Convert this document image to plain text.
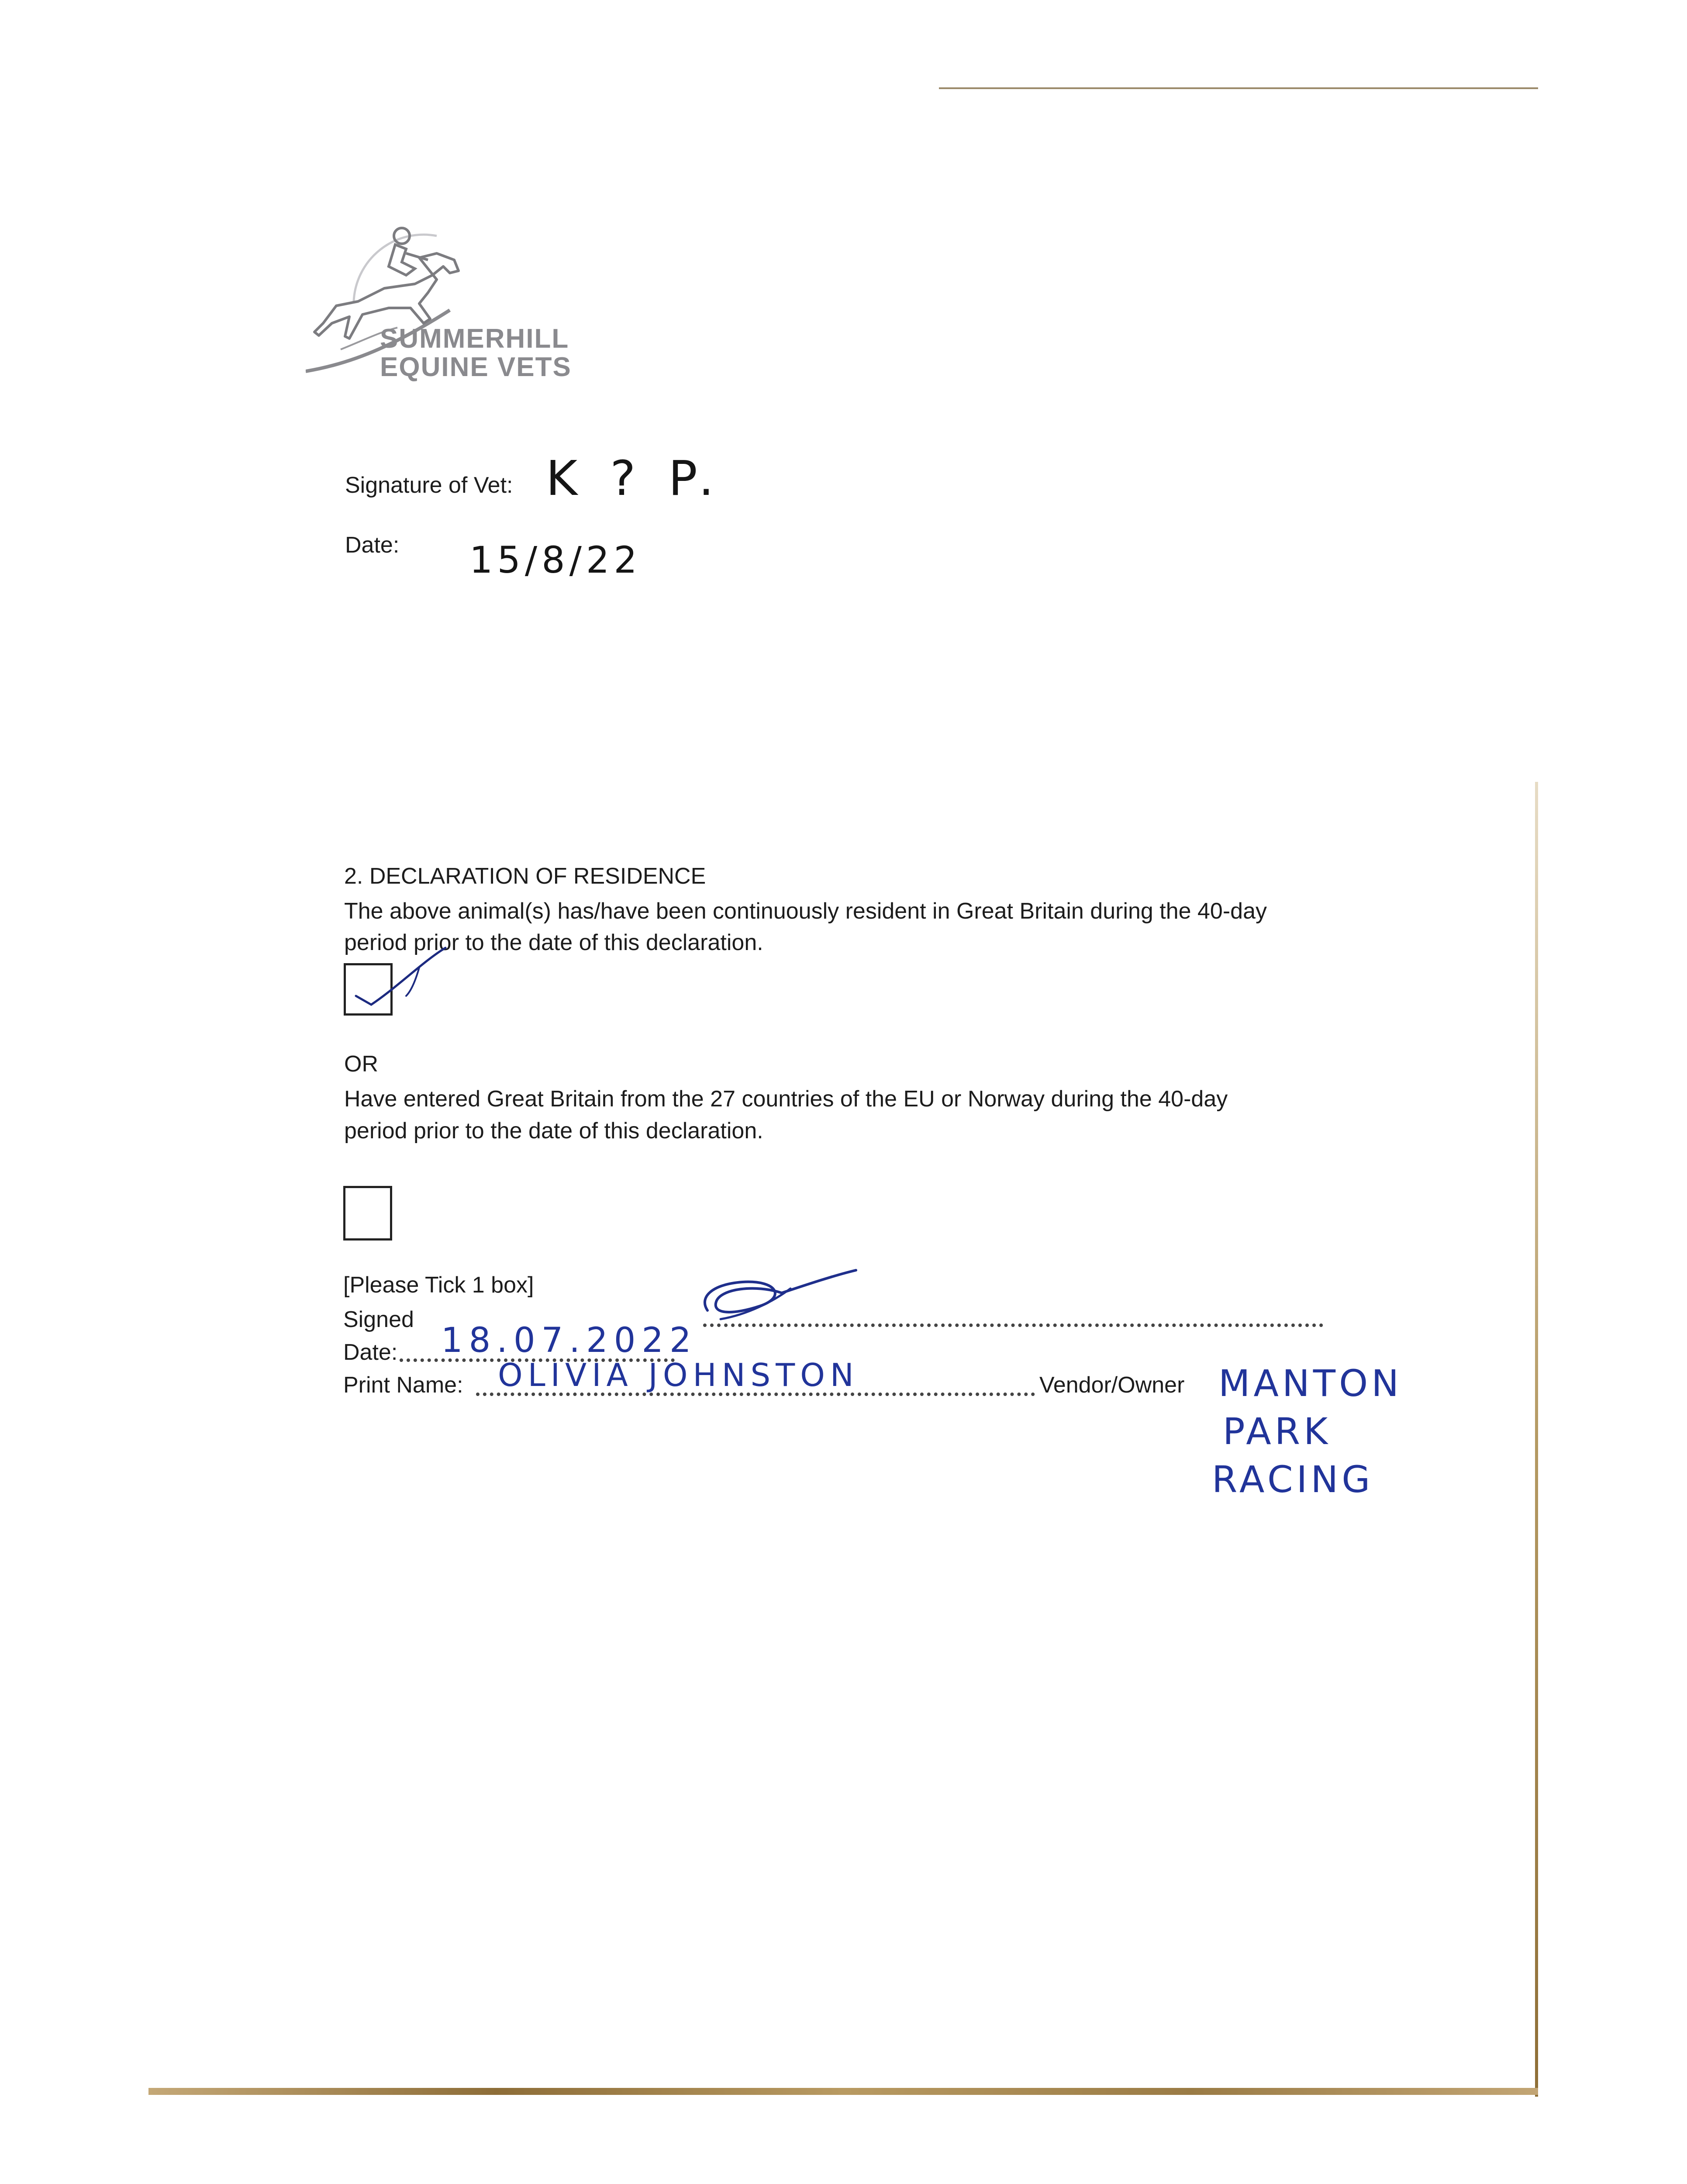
SUMMERHILL
EQUINE VETS
Signature of Vet: K ? P.
Date: 15/8/22
2. DECLARATION OF RESIDENCE
The above animal(s) has/have been continuously resident in Great Britain during the 40-day
period prior to the date of this declaration.
OR
Have entered Great Britain from the 27 countries of the EU or Norway during the 40-day
period prior to the date of this declaration.
[Please Tick 1 box]
Signed
Date: 18.07.2022
Print Name: OLIVIA JOHNSTON	Vendor/Owner MANTON
PARK
RACING
